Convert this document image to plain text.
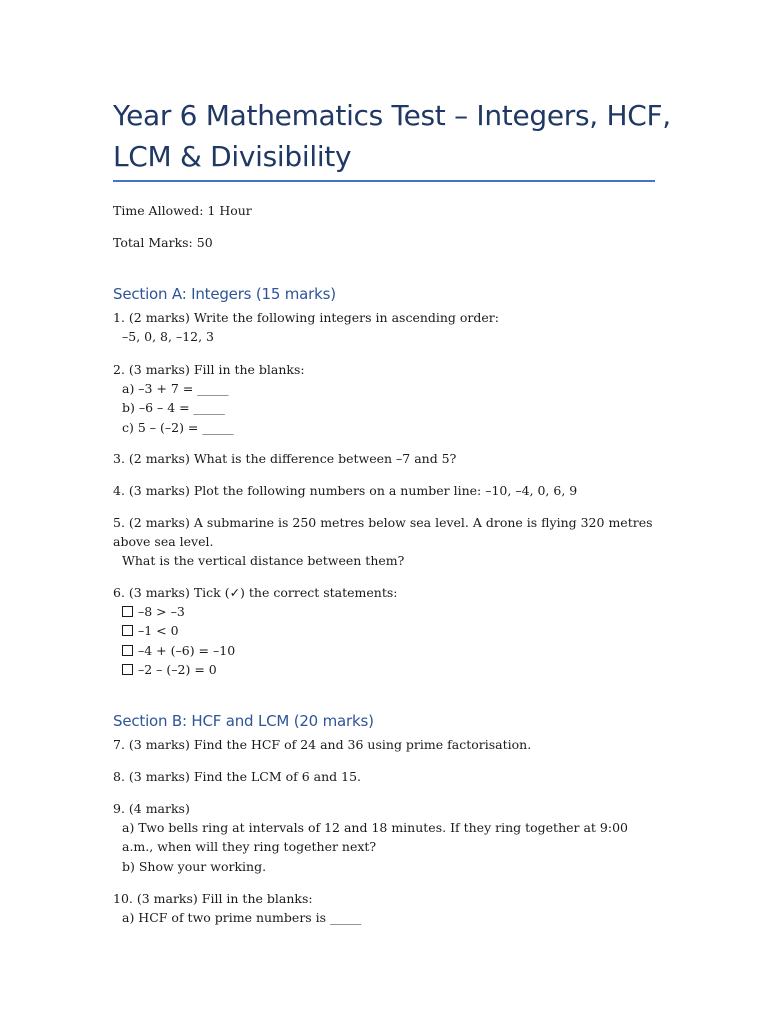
Year 6 Mathematics Test – Integers, HCF, LCM & Divisibility
Time Allowed: 1 Hour
Total Marks: 50
Section A: Integers (15 marks)
1. (2 marks) Write the following integers in ascending order:
–5, 0, 8, –12, 3
2. (3 marks) Fill in the blanks:
a) –3 + 7 = _____
b) –6 – 4 = _____
c) 5 – (–2) = _____
3. (2 marks) What is the difference between –7 and 5?
4. (3 marks) Plot the following numbers on a number line: –10, –4, 0, 6, 9
5. (2 marks) A submarine is 250 metres below sea level. A drone is flying 320 metres above sea level.
What is the vertical distance between them?
6. (3 marks) Tick (✓) the correct statements:
–8 > –3
–1 < 0
–4 + (–6) = –10
–2 – (–2) = 0
Section B: HCF and LCM (20 marks)
7. (3 marks) Find the HCF of 24 and 36 using prime factorisation.
8. (3 marks) Find the LCM of 6 and 15.
9. (4 marks)
a) Two bells ring at intervals of 12 and 18 minutes. If they ring together at 9:00 a.m., when will they ring together next?
b) Show your working.
10. (3 marks) Fill in the blanks:
a) HCF of two prime numbers is _____
